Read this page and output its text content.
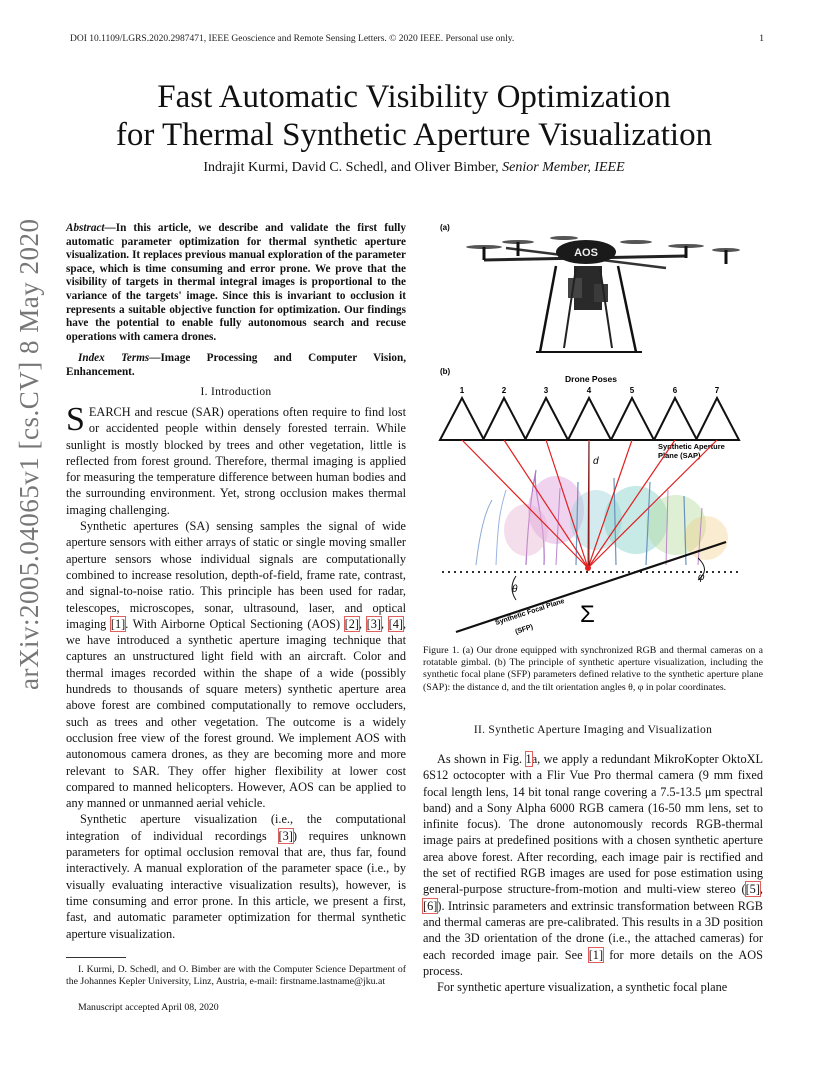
DOI 10.1109/LGRS.2020.2987471, IEEE Geoscience and Remote Sensing Letters. © 2020 IEEE. Personal use only.	1
arXiv:2005.04065v1 [cs.CV] 8 May 2020
Fast Automatic Visibility Optimization
for Thermal Synthetic Aperture Visualization
Indrajit Kurmi, David C. Schedl, and Oliver Bimber, Senior Member, IEEE
Abstract—In this article, we describe and validate the first fully automatic parameter optimization for thermal synthetic aperture visualization. It replaces previous manual exploration of the parameter space, which is time consuming and error prone. We prove that the visibility of targets in thermal integral images is proportional to the variance of the targets' image. Since this is invariant to occlusion it represents a suitable objective function for optimization. Our findings have the potential to enable fully autonomous search and recuse operations with camera drones.
Index Terms—Image Processing and Computer Vision, Enhancement.
I. Introduction

SEARCH and rescue (SAR) operations often require to find lost or accidented people within densely forested terrain. While sunlight is mostly blocked by trees and other vegetation, little is reflected from forest ground. Therefore, thermal imaging is applied for measuring the temperature difference between human bodies and the surrounding environment. Yet, strong occlusion makes thermal imaging challenging.

Synthetic apertures (SA) sensing samples the signal of wide aperture sensors with either arrays of static or single moving smaller aperture sensors whose individual signals are computationally combined to increase resolution, depth-of-field, frame rate, contrast, and signal-to-noise ratio. This principle has been used for radar, telescopes, microscopes, sonar, ultrasound, laser, and optical imaging [1]. With Airborne Optical Sectioning (AOS) [2], [3], [4], we have introduced a synthetic aperture imaging technique that captures an unstructured light field with an aircraft. Color and thermal images recorded within the shape of a wide (possibly hundreds to thousands of square meters) synthetic aperture area above forest are combined computationally to remove occluders, such as trees and other vegetation. The outcome is a widely occlusion free view of the forest ground. We implement AOS with autonomous camera drones, as they are becoming more and more relevant to SAR. They offer higher flexibility at lower cost compared to manned helicopters. However, AOS can be applied to any manned or unmanned aerial vehicle.

Synthetic aperture visualization (i.e., the computational integration of individual recordings [3]) requires unknown parameters for optimal occlusion removal that are, thus far, found interactively. A manual exploration of the parameter space (i.e., by visually evaluating interactive visualization results), however, is time consuming and error prone. In this article, we present a first, fast, and automatic parameter optimization for thermal synthetic aperture visualization.

I. Kurmi, D. Schedl, and O. Bimber are with the Computer Science Department of the Johannes Kepler University, Linz, Austria, e-mail: firstname.lastname@jku.at
Manuscript accepted April 08, 2020
(a)
AOS
(b)
Drone Poses
1	2	3	4	5	6	7
Synthetic Aperture
Plane (SAP)
d
θ
φ
Synthetic Focal Plane
(SFP)
Σ
Figure 1. (a) Our drone equipped with synchronized RGB and thermal cameras on a rotatable gimbal. (b) The principle of synthetic aperture visualization, including the synthetic focal plane (SFP) parameters defined relative to the synthetic aperture plane (SAP): the distance d, and the tilt orientation angles θ, φ in polar coordinates.
II. Synthetic Aperture Imaging and Visualization

As shown in Fig. 1a, we apply a redundant MikroKopter OktoXL 6S12 octocopter with a Flir Vue Pro thermal camera (9 mm fixed focal length lens, 14 bit tonal range covering a 7.5-13.5 μm spectral band) and a Sony Alpha 6000 RGB camera (16-50 mm lens, set to infinite focus). The drone autonomously records RGB-thermal image pairs at predefined positions with a chosen synthetic aperture area above forest. After recording, each image pair is rectified and the set of rectified RGB images are used for pose estimation using general-purpose structure-from-motion and multi-view stereo ([5], [6]). Intrinsic parameters and extrinsic transformation between RGB and thermal cameras are pre-calibrated. This results in a 3D position and the 3D orientation of the drone (i.e., the attached cameras) for each recorded image pair. See [1] for more details on the AOS process.

For synthetic aperture visualization, a synthetic focal plane
